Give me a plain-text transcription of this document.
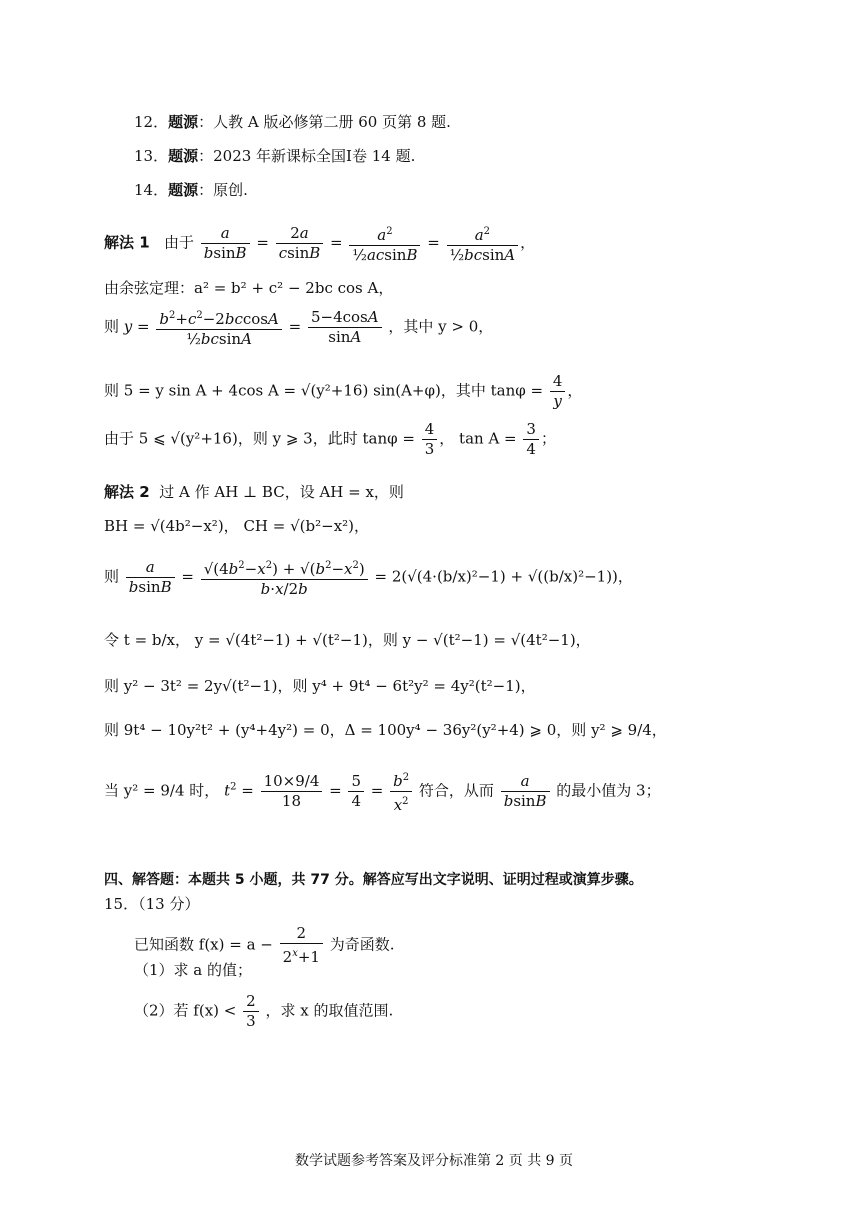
12．题源：人教 A 版必修第二册 60 页第 8 题.
13．题源：2023 年新课标全国Ⅰ卷 14 题.
14．题源：原创.
解法 1 由于 $\frac{a}{bsinB} = \frac{2a}{csinB} = \frac{a^2}{\text{½acsinB}} = \frac{a^2}{\text{½bcsinA}}$ ，
由余弦定理：a² = b² + c² − 2bc cos A，
则 $y = \frac{b^2+c^2-2bccosA}{\text{½bcsinA}} = \frac{5-4\cos A}{\sin A}$ ，其中 y > 0，
则 5 = y sin A + 4cos A = √(y²+16) sin(A+φ)，其中 $\tan\varphi = \frac{4}{y}$ ，
由于 5 ⩽ √(y²+16)，则 y ⩾ 3，此时 $\tan\varphi = \frac{4}{3}$ ， $\tan A = \frac{3}{4}$ ；
解法 2 过 A 作 AH ⊥ BC，设 AH = x，则
BH = √(4b²−x²)， CH = √(b²−x²)，
则 $\frac{a}{bsinB} = \frac{√(4b^2-x^2) + √(b^2-x^2)}{b\cdot x/2b} = 2(√(4\cdot(b/x)^2-1) + √((b/x)^2-1))$，
令 t = b/x， y = √(4t²−1) + √(t²−1)，则 y − √(t²−1) = √(4t²−1)，
则 y² − 3t² = 2y√(t²−1)，则 y⁴ + 9t⁴ − 6t²y² = 4y²(t²−1)，
则 9t⁴ − 10y²t² + (y⁴+4y²) = 0，Δ = 100y⁴ − 36y²(y²+4) ⩾ 0，则 y² ⩾ 9/4，
当 y² = 9/4 时， $t^2 = \frac{10\times 9/4}{18} = \frac{5}{4} = \frac{b^2}{x^2}$ 符合，从而 $\frac{a}{bsinB}$ 的最小值为 3；
四、解答题：本题共 5 小题，共 77 分。解答应写出文字说明、证明过程或演算步骤。
15．（13 分）
已知函数 $f(x) = a - \frac{2}{2^x+1}$ 为奇函数.
（1）求 a 的值；
（2）若 $f(x) < \frac{2}{3}$ ，求 x 的取值范围.
数学试题参考答案及评分标准第 2 页 共 9 页
